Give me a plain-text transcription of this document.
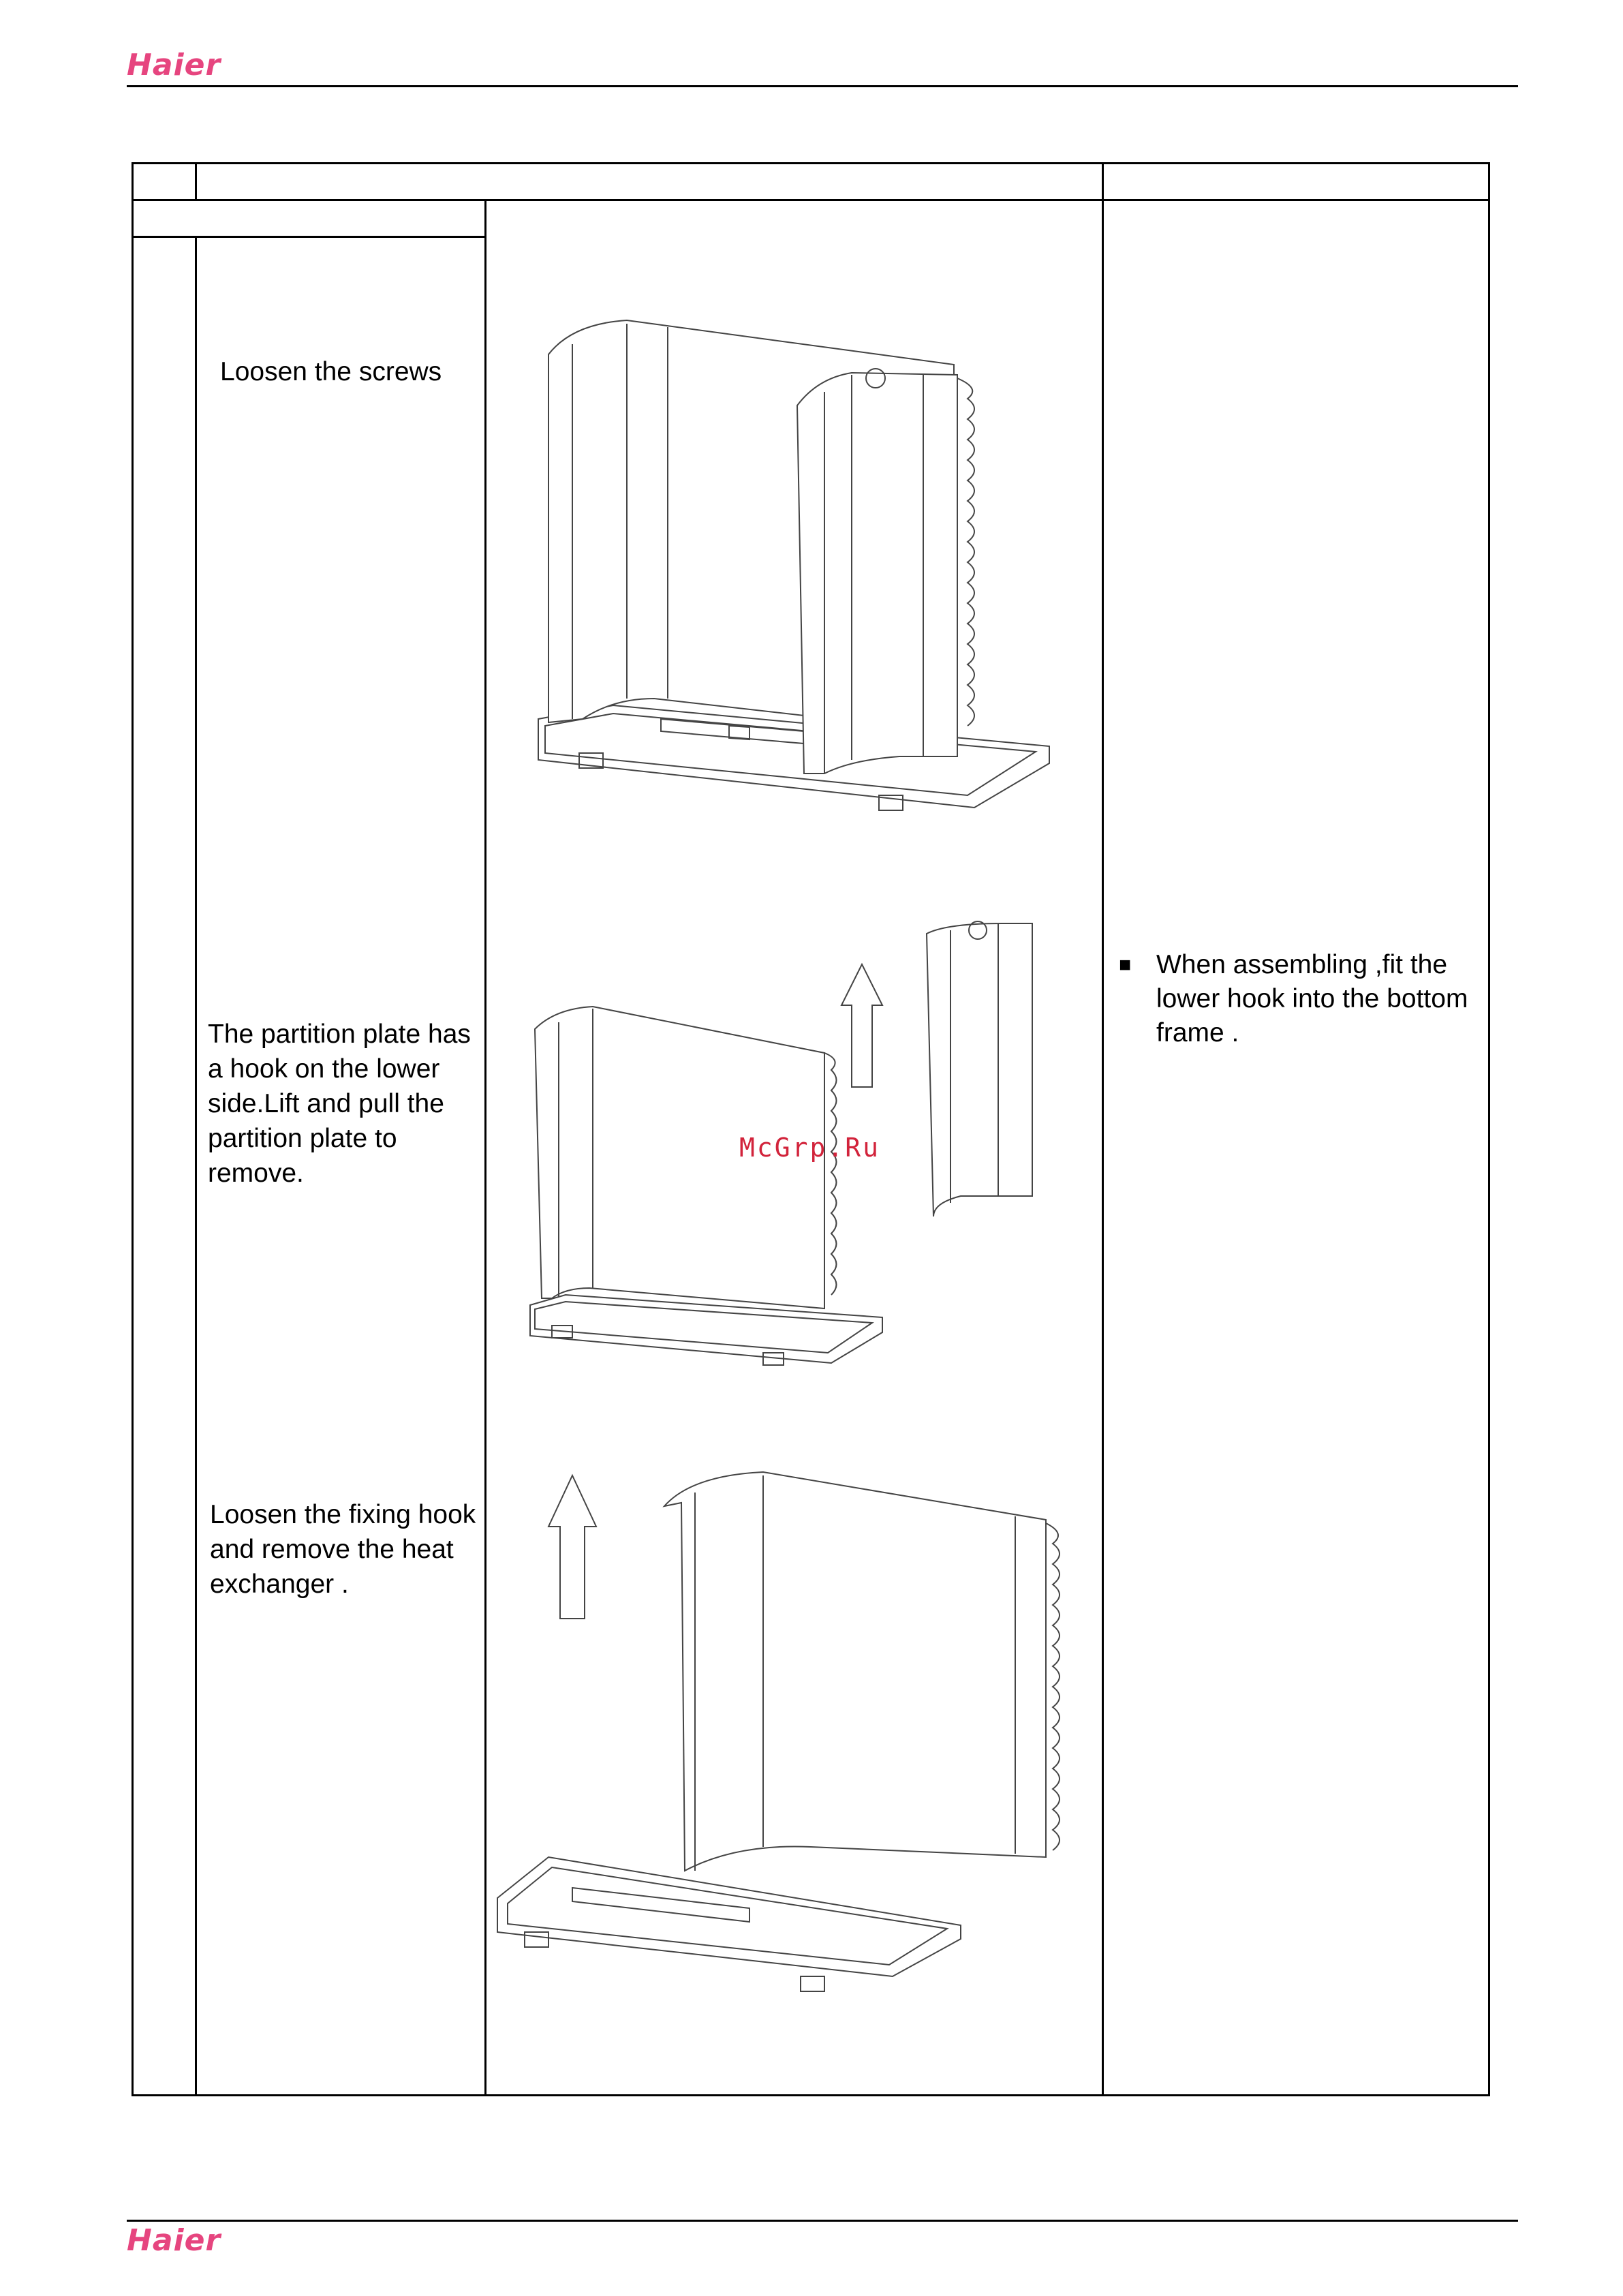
Haier
Loosen the screws
The partition plate has
a hook on the lower
side.Lift and pull the
partition plate to
remove.
Loosen the fixing hook
and remove the heat
exchanger .
■ When assembling ,fit the
lower hook into the bottom
frame .
McGrp.Ru
Haier
